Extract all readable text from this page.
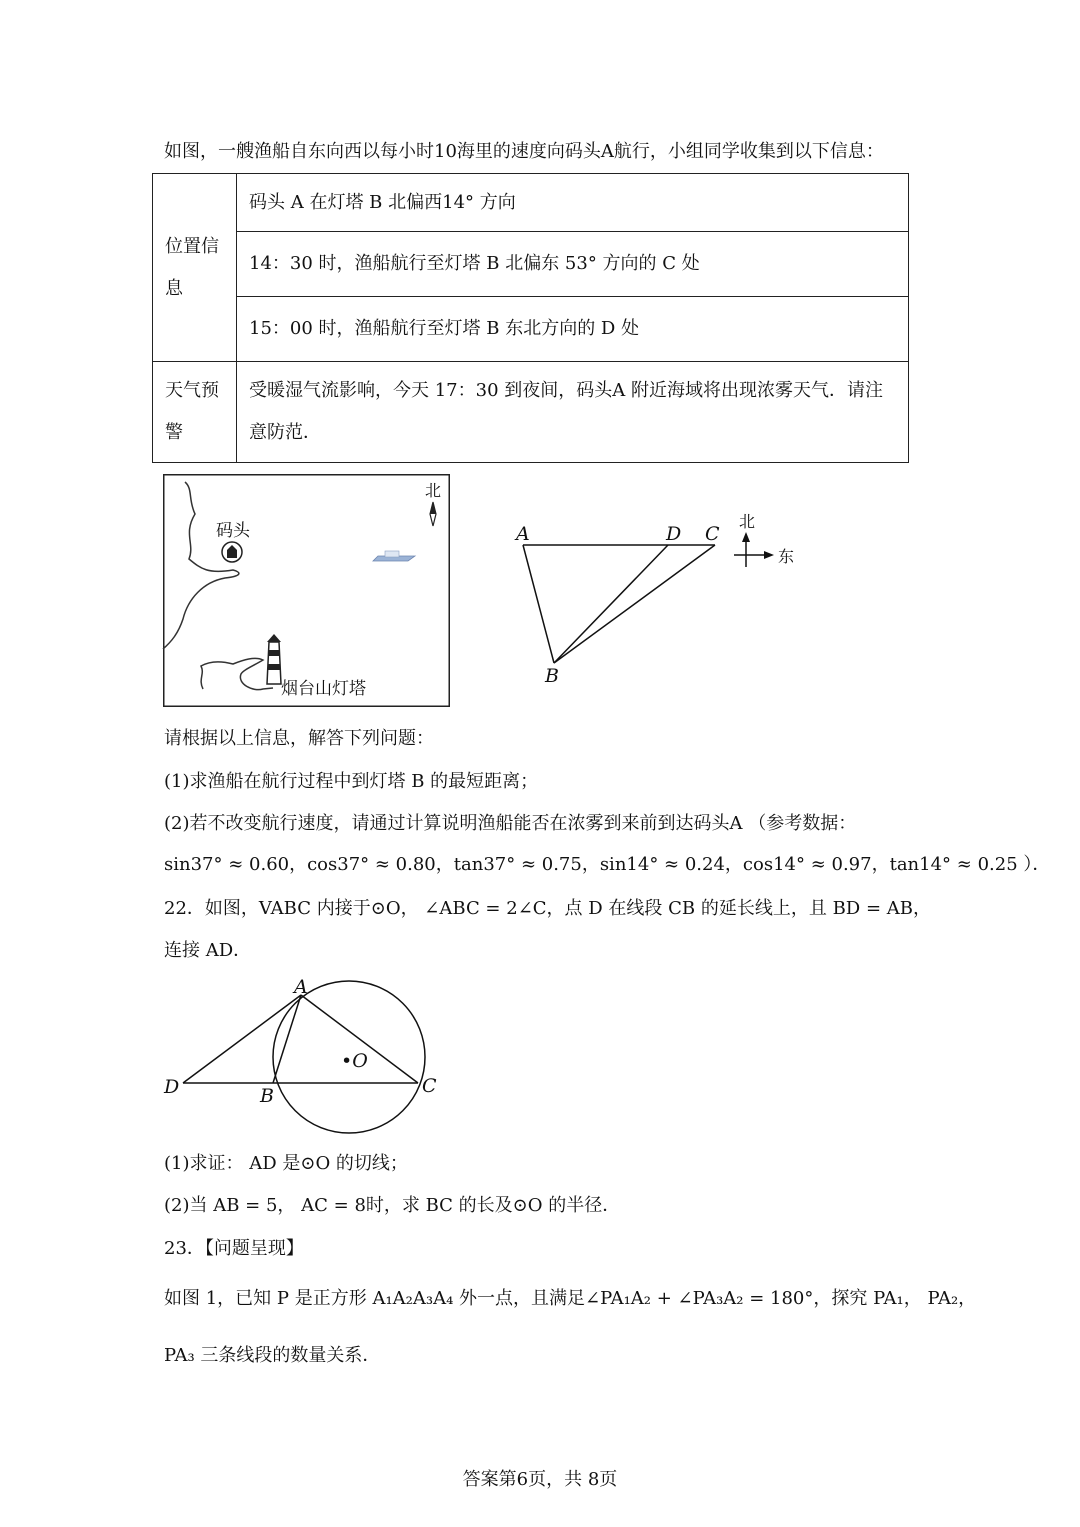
如图，一艘渔船自东向西以每小时10海里的速度向码头A航行，小组同学收集到以下信息：
位置信息	码头 A 在灯塔 B 北偏西14° 方向
	14：30 时，渔船航行至灯塔 B 北偏东 53° 方向的 C 处
	15：00 时，渔船航行至灯塔 B 东北方向的 D 处
天气预警	受暖湿气流影响，今天 17：30 到夜间，码头A 附近海域将出现浓雾天气．请注意防范．
码头
北
烟台山灯塔
A	D C
B
北
东
请根据以上信息，解答下列问题：
(1)求渔船在航行过程中到灯塔 B 的最短距离；
(2)若不改变航行速度，请通过计算说明渔船能否在浓雾到来前到达码头A （参考数据：
sin37° ≈ 0.60，cos37° ≈ 0.80，tan37° ≈ 0.75，sin14° ≈ 0.24，cos14° ≈ 0.97，tan14° ≈ 0.25 ）．
22．如图，VABC 内接于⊙O， ∠ABC = 2∠C，点 D 在线段 CB 的延长线上，且 BD = AB，
连接 AD．
A
B	C
D
•O
(1)求证： AD 是⊙O 的切线；
(2)当 AB = 5， AC = 8时，求 BC 的长及⊙O 的半径．
23．【问题呈现】
如图 1，已知 P 是正方形 A₁A₂A₃A₄ 外一点，且满足∠PA₁A₂ + ∠PA₃A₂ = 180°，探究 PA₁， PA₂，
PA₃ 三条线段的数量关系．
答案第6页，共 8页
